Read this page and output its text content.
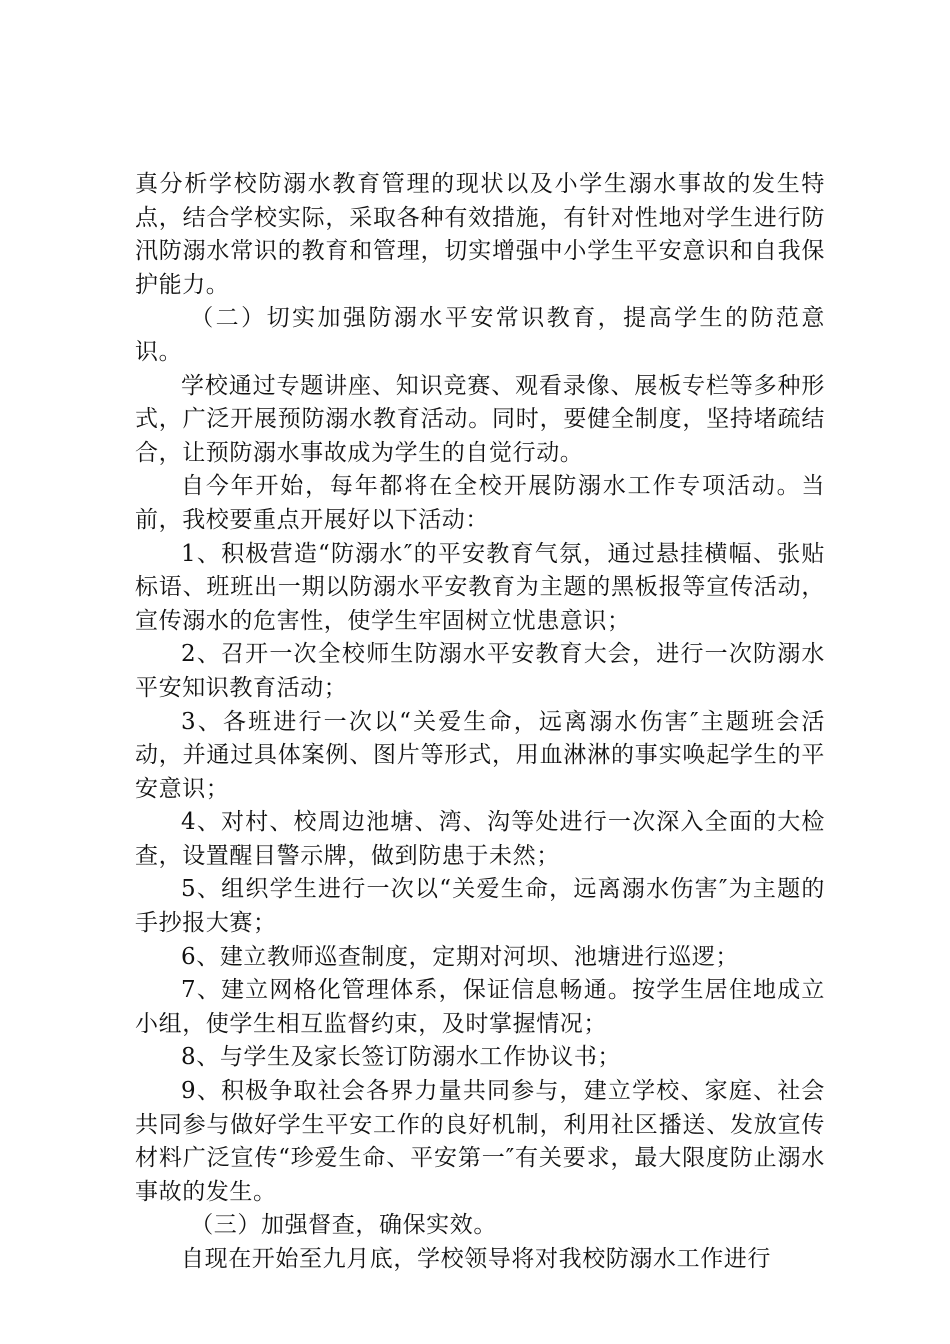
真分析学校防溺水教育管理的现状以及小学生溺水事故的发生特点，结合学校实际，采取各种有效措施，有针对性地对学生进行防汛防溺水常识的教育和管理，切实增强中小学生平安意识和自我保护能力。

（二）切实加强防溺水平安常识教育，提高学生的防范意识。

学校通过专题讲座、知识竞赛、观看录像、展板专栏等多种形式，广泛开展预防溺水教育活动。同时，要健全制度，坚持堵疏结合，让预防溺水事故成为学生的自觉行动。

自今年开始，每年都将在全校开展防溺水工作专项活动。当前，我校要重点开展好以下活动：

1、积极营造“防溺水″的平安教育气氛，通过悬挂横幅、张贴标语、班班出一期以防溺水平安教育为主题的黑板报等宣传活动，宣传溺水的危害性，使学生牢固树立忧患意识；

2、召开一次全校师生防溺水平安教育大会，进行一次防溺水平安知识教育活动；

3、各班进行一次以“关爱生命，远离溺水伤害″主题班会活动，并通过具体案例、图片等形式，用血淋淋的事实唤起学生的平安意识；

4、对村、校周边池塘、湾、沟等处进行一次深入全面的大检查，设置醒目警示牌，做到防患于未然；

5、组织学生进行一次以“关爱生命，远离溺水伤害″为主题的手抄报大赛；

6、建立教师巡查制度，定期对河坝、池塘进行巡逻；

7、建立网格化管理体系，保证信息畅通。按学生居住地成立小组，使学生相互监督约束，及时掌握情况；

8、与学生及家长签订防溺水工作协议书；

9、积极争取社会各界力量共同参与，建立学校、家庭、社会共同参与做好学生平安工作的良好机制，利用社区播送、发放宣传材料广泛宣传“珍爱生命、平安第一″有关要求，最大限度防止溺水事故的发生。

（三）加强督查，确保实效。

自现在开始至九月底，学校领导将对我校防溺水工作进行
